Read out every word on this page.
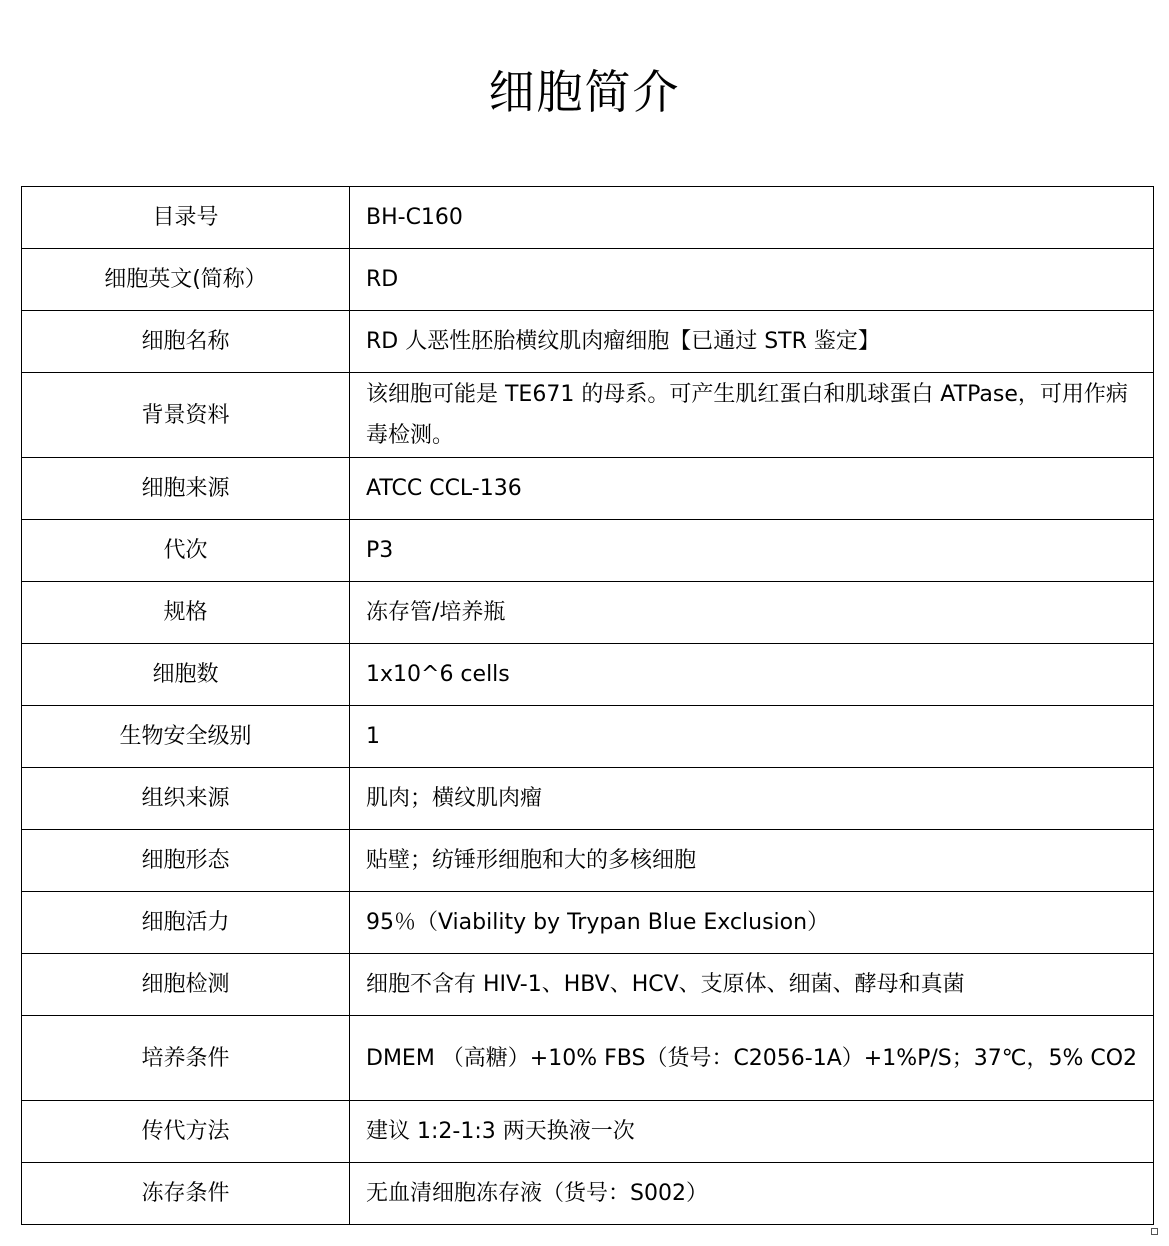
细胞简介
目录号	BH-C160
细胞英文(简称）	RD
细胞名称	RD 人恶性胚胎横纹肌肉瘤细胞【已通过 STR 鉴定】
背景资料	该细胞可能是 TE671 的母系。可产生肌红蛋白和肌球蛋白 ATPase，可用作病毒检测。
细胞来源	ATCC CCL-136
代次	P3
规格	冻存管/培养瓶
细胞数	1x10^6 cells
生物安全级别	1
组织来源	肌肉；横纹肌肉瘤
细胞形态	贴壁；纺锤形细胞和大的多核细胞
细胞活力	95％（Viability by Trypan Blue Exclusion）
细胞检测	细胞不含有 HIV-1、HBV、HCV、支原体、细菌、酵母和真菌
培养条件	DMEM （高糖）+10% FBS（货号：C2056-1A）+1%P/S；37℃，5% CO2
传代方法	建议 1:2-1:3 两天换液一次
冻存条件	无血清细胞冻存液（货号：S002）
